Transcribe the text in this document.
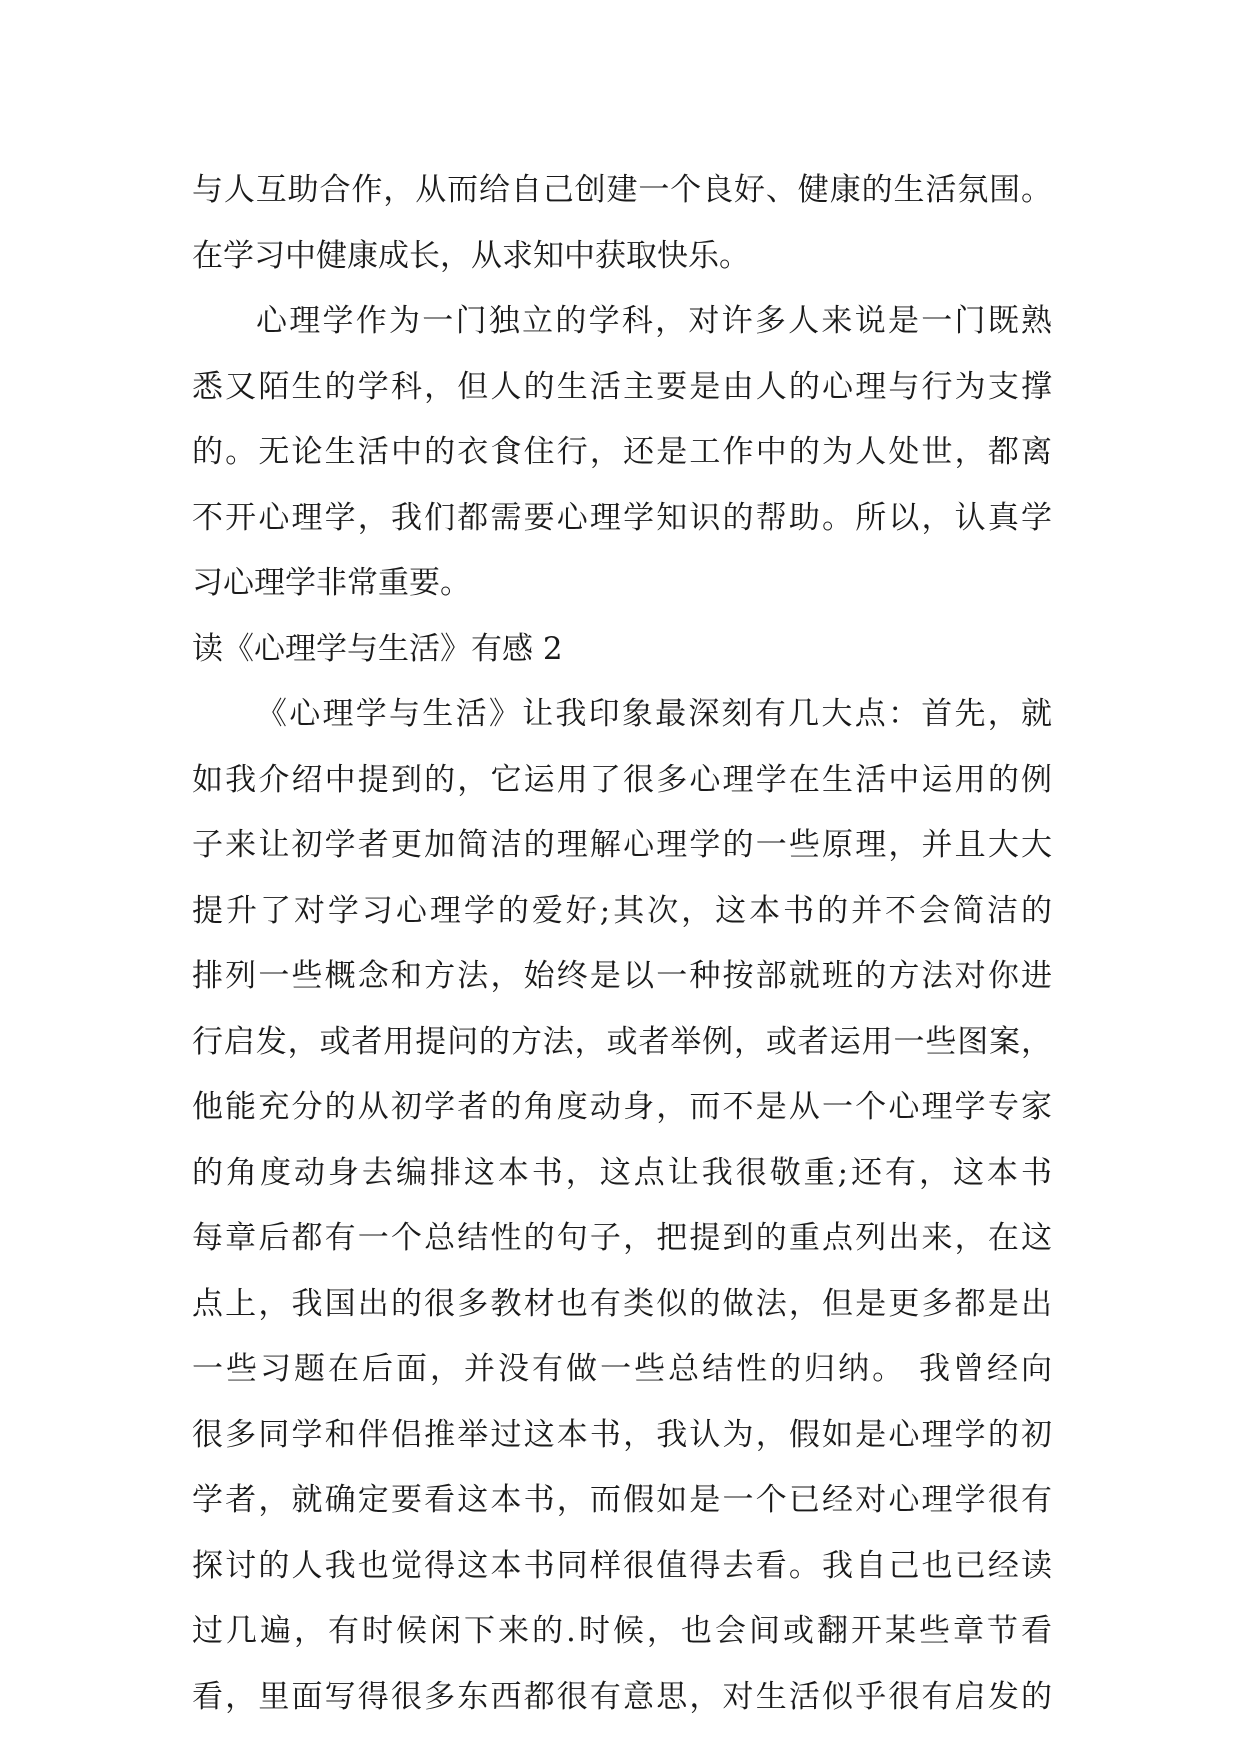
与人互助合作，从而给自己创建一个良好、健康的生活氛围。
在学习中健康成长，从求知中获取快乐。
心理学作为一门独立的学科，对许多人来说是一门既熟
悉又陌生的学科，但人的生活主要是由人的心理与行为支撑
的。无论生活中的衣食住行，还是工作中的为人处世，都离
不开心理学，我们都需要心理学知识的帮助。所以，认真学
习心理学非常重要。
读《心理学与生活》有感 2
《心理学与生活》让我印象最深刻有几大点：首先，就
如我介绍中提到的，它运用了很多心理学在生活中运用的例
子来让初学者更加简洁的理解心理学的一些原理，并且大大
提升了对学习心理学的爱好;其次，这本书的并不会简洁的
排列一些概念和方法，始终是以一种按部就班的方法对你进
行启发，或者用提问的方法，或者举例，或者运用一些图案，
他能充分的从初学者的角度动身，而不是从一个心理学专家
的角度动身去编排这本书，这点让我很敬重;还有，这本书
每章后都有一个总结性的句子，把提到的重点列出来，在这
点上，我国出的很多教材也有类似的做法，但是更多都是出
一些习题在后面，并没有做一些总结性的归纳。 我曾经向
很多同学和伴侣推举过这本书，我认为，假如是心理学的初
学者，就确定要看这本书，而假如是一个已经对心理学很有
探讨的人我也觉得这本书同样很值得去看。我自己也已经读
过几遍，有时候闲下来的.时候，也会间或翻开某些章节看
看，里面写得很多东西都很有意思，对生活似乎很有启发的
